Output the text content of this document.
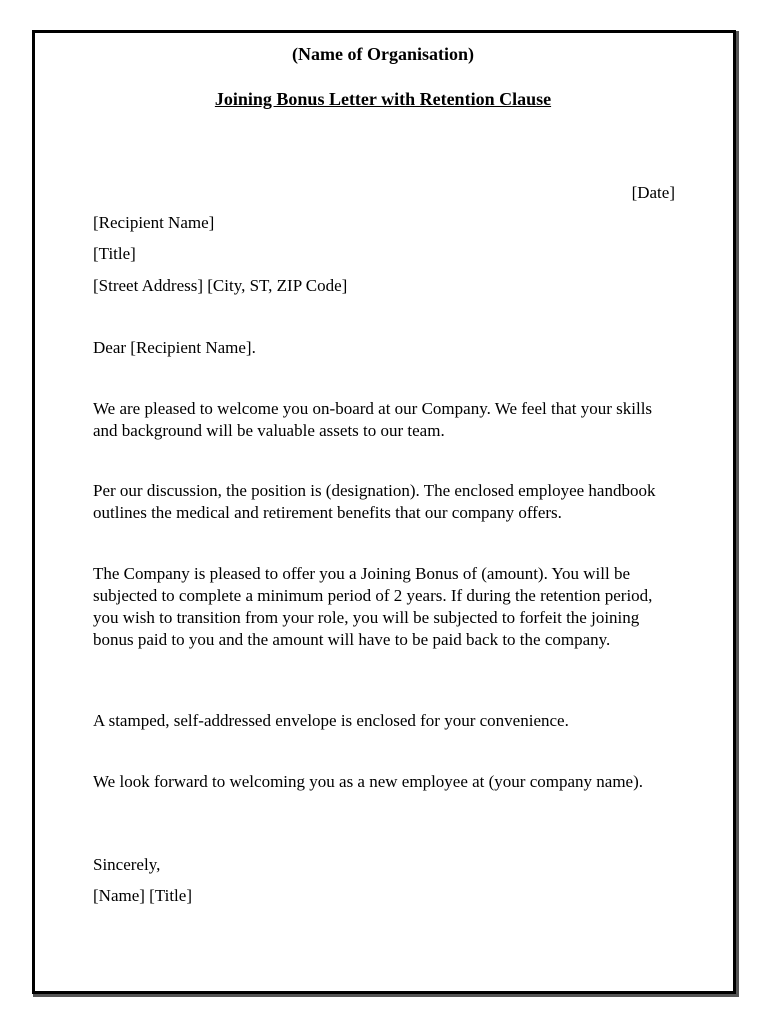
(Name of Organisation)
Joining Bonus Letter with Retention Clause
[Date]
[Recipient Name]
[Title]
[Street Address] [City, ST, ZIP Code]
Dear [Recipient Name].

We are pleased to welcome you on-board at our Company. We feel that your skills and background will be valuable assets to our team.

Per our discussion, the position is (designation). The enclosed employee handbook outlines the medical and retirement benefits that our company offers.

The Company is pleased to offer you a Joining Bonus of (amount). You will be subjected to complete a minimum period of 2 years. If during the retention period, you wish to transition from your role, you will be subjected to forfeit the joining bonus paid to you and the amount will have to be paid back to the company.

A stamped, self-addressed envelope is enclosed for your convenience.

We look forward to welcoming you as a new employee at (your company name).

Sincerely,
[Name] [Title]
